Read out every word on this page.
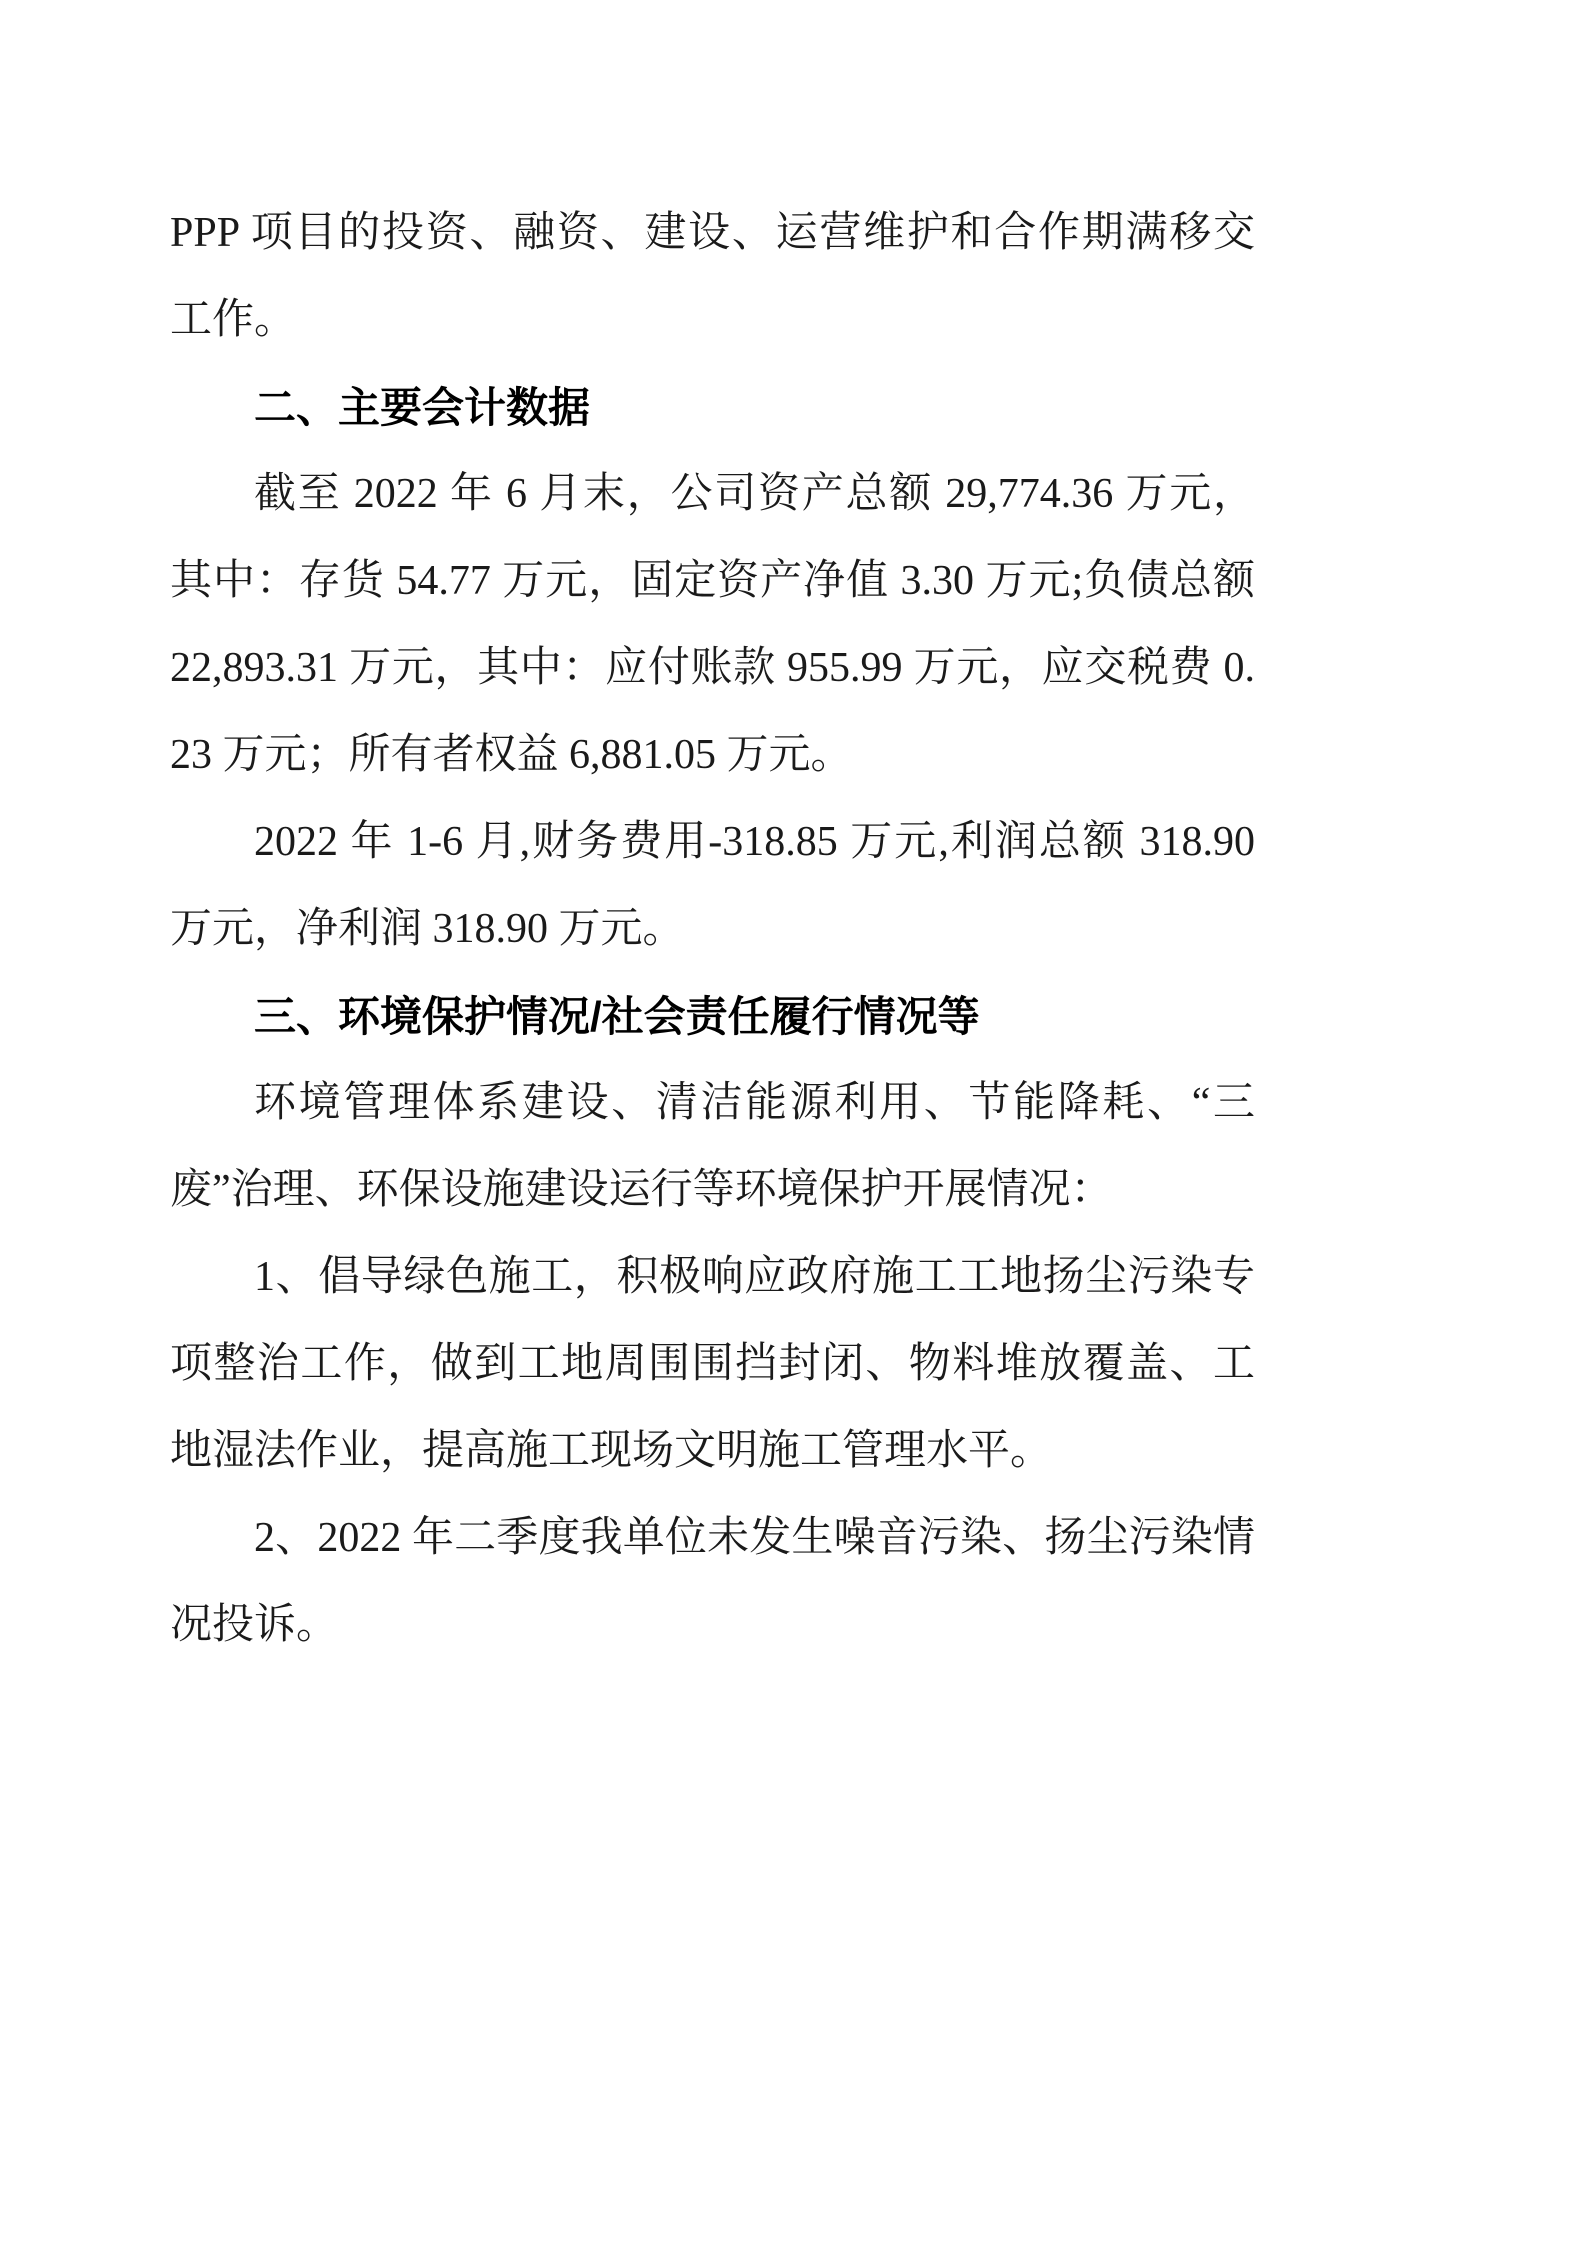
PPP 项目的投资、融资、建设、运营维护和合作期满移交工作。

二、主要会计数据

截至 2022 年 6 月末，公司资产总额 29,774.36 万元，其中：存货 54.77 万元，固定资产净值 3.30 万元;负债总额 22,893.31 万元，其中：应付账款 955.99 万元，应交税费 0.23 万元；所有者权益 6,881.05 万元。

2022 年 1-6 月,财务费用-318.85 万元,利润总额 318.90 万元，净利润 318.90 万元。

三、环境保护情况/社会责任履行情况等

环境管理体系建设、清洁能源利用、节能降耗、“三废”治理、环保设施建设运行等环境保护开展情况：

1、倡导绿色施工，积极响应政府施工工地扬尘污染专项整治工作，做到工地周围围挡封闭、物料堆放覆盖、工地湿法作业，提高施工现场文明施工管理水平。

2、2022 年二季度我单位未发生噪音污染、扬尘污染情况投诉。
